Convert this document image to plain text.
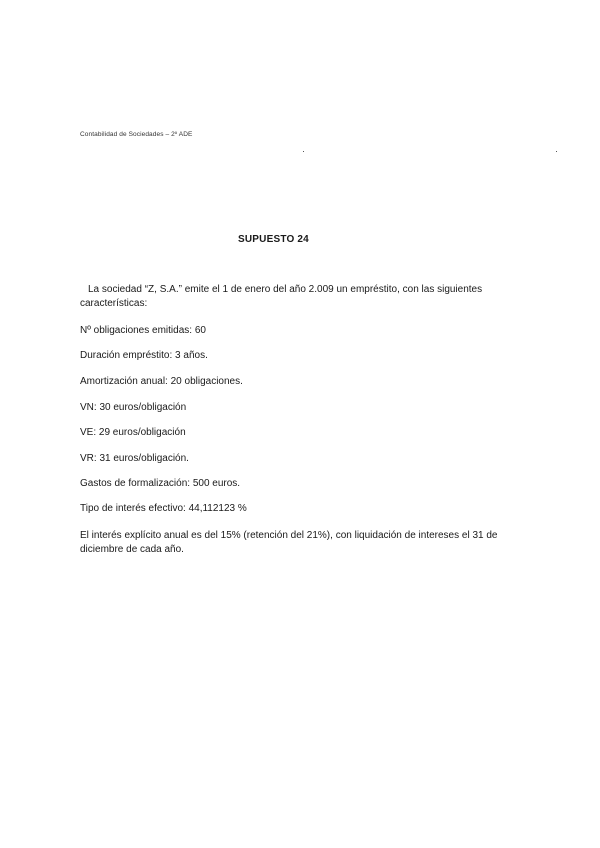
Contabilidad de Sociedades – 2º ADE
SUPUESTO 24
La sociedad “Z, S.A.” emite el 1 de enero del año 2.009 un empréstito, con las siguientes características:
Nº obligaciones emitidas: 60
Duración empréstito: 3 años.
Amortización anual: 20 obligaciones.
VN: 30 euros/obligación
VE: 29 euros/obligación
VR: 31 euros/obligación.
Gastos de formalización: 500 euros.
Tipo de interés efectivo: 44,112123 %
El interés explícito anual es del 15% (retención del 21%), con liquidación de intereses el 31 de diciembre de cada año.
